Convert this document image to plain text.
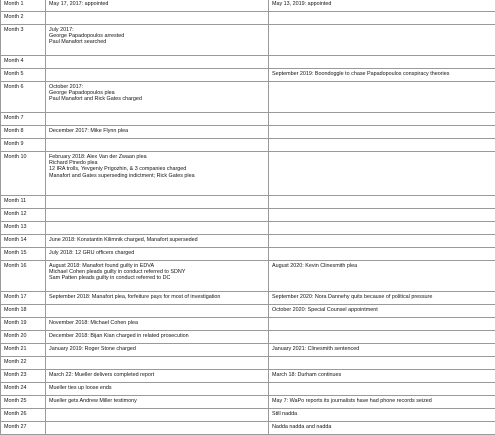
Month 1	May 17, 2017: appointed	May 13, 2019: appointed

Month 2		
Month 3	July 2017:
George Papadopoulos arrested
Paul Manafort searched	

Month 4		
Month 5		September 2019: Boondoggle to chase Papadopoulos conspiracy theories

Month 6	October 2017:
George Papadopoulos plea
Paul Manafort and Rick Gates charged	

Month 7		
Month 8	December 2017: Mike Flynn plea	

Month 9		
Month 10	February 2018: Alex Van der Zwaan plea
Richard Pinedo plea
12 IRA trolls, Yevgeniy Prigozhin, & 3 companies charged
Manafort and Gates superseding indictment; Rick Gates plea	

Month 11		
Month 12		
Month 13		
Month 14	June 2018: Konstantin Kilimnik charged, Manafort superseded	

Month 15	July 2018: 12 GRU officers charged	

Month 16	August 2018: Manafort found guilty in EDVA
Michael Cohen pleads guilty in conduct referred to SDNY
Sam Patten pleads guilty in conduct referred to DC	August 2020: Kevin Clinesmith plea

Month 17	September 2018: Manafort plea, forfeiture pays for most of investigation	September 2020: Nora Dannehy quits because of political pressure

Month 18		October 2020: Special Counsel appointment

Month 19	November 2018: Michael Cohen plea	

Month 20	December 2018: Bijan Kian charged in related prosecution	

Month 21	January 2019: Roger Stone charged	January 2021: Clinesmith sentenced

Month 22		
Month 23	March 22: Mueller delivers completed report	March 18: Durham continues

Month 24	Mueller ties up loose ends	

Month 25	Mueller gets Andrew Miller testimony	May 7: WaPo reports its journalists have had phone records seized

Month 26		Still nadda

Month 27		Nadda nadda and nadda
